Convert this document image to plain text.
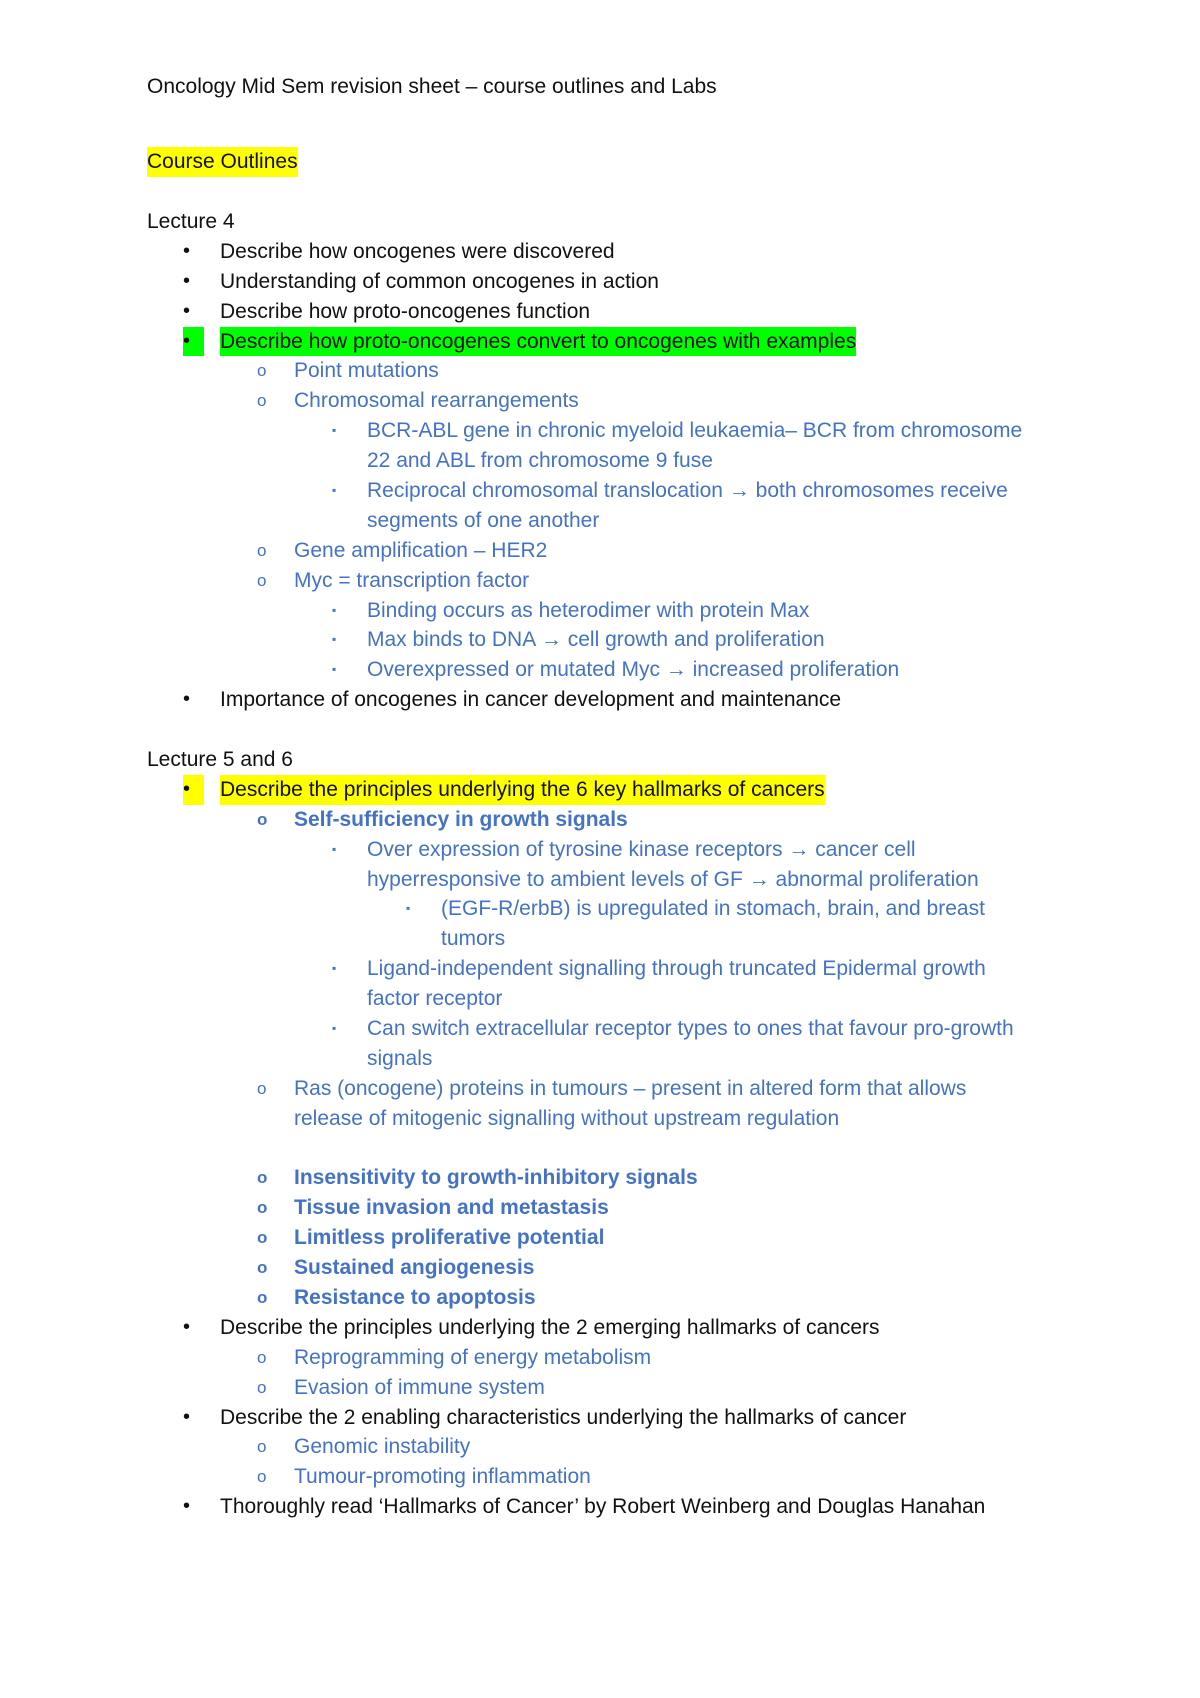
Oncology Mid Sem revision sheet – course outlines and Labs
Course Outlines
Lecture 4
• Describe how oncogenes were discovered
• Understanding of common oncogenes in action
• Describe how proto-oncogenes function
•	Describe how proto-oncogenes convert to oncogenes with examples
o Point mutations
o Chromosomal rearrangements
▪ BCR-ABL gene in chronic myeloid leukaemia– BCR from chromosome
22 and ABL from chromosome 9 fuse
▪ Reciprocal chromosomal translocation → both chromosomes receive
segments of one another
o Gene amplification – HER2
o Myc = transcription factor
▪ Binding occurs as heterodimer with protein Max
▪ Max binds to DNA → cell growth and proliferation
▪ Overexpressed or mutated Myc → increased proliferation
• Importance of oncogenes in cancer development and maintenance
Lecture 5 and 6
•	Describe the principles underlying the 6 key hallmarks of cancers
o Self-sufficiency in growth signals
▪ Over expression of tyrosine kinase receptors → cancer cell
hyperresponsive to ambient levels of GF → abnormal proliferation
▪ (EGF-R/erbB) is upregulated in stomach, brain, and breast
tumors
▪ Ligand-independent signalling through truncated Epidermal growth
factor receptor
▪ Can switch extracellular receptor types to ones that favour pro-growth
signals
o Ras (oncogene) proteins in tumours – present in altered form that allows
release of mitogenic signalling without upstream regulation
o Insensitivity to growth-inhibitory signals
o Tissue invasion and metastasis
o Limitless proliferative potential
o Sustained angiogenesis
o Resistance to apoptosis
• Describe the principles underlying the 2 emerging hallmarks of cancers
o Reprogramming of energy metabolism
o Evasion of immune system
• Describe the 2 enabling characteristics underlying the hallmarks of cancer
o Genomic instability
o Tumour-promoting inflammation
• Thoroughly read ‘Hallmarks of Cancer’ by Robert Weinberg and Douglas Hanahan
